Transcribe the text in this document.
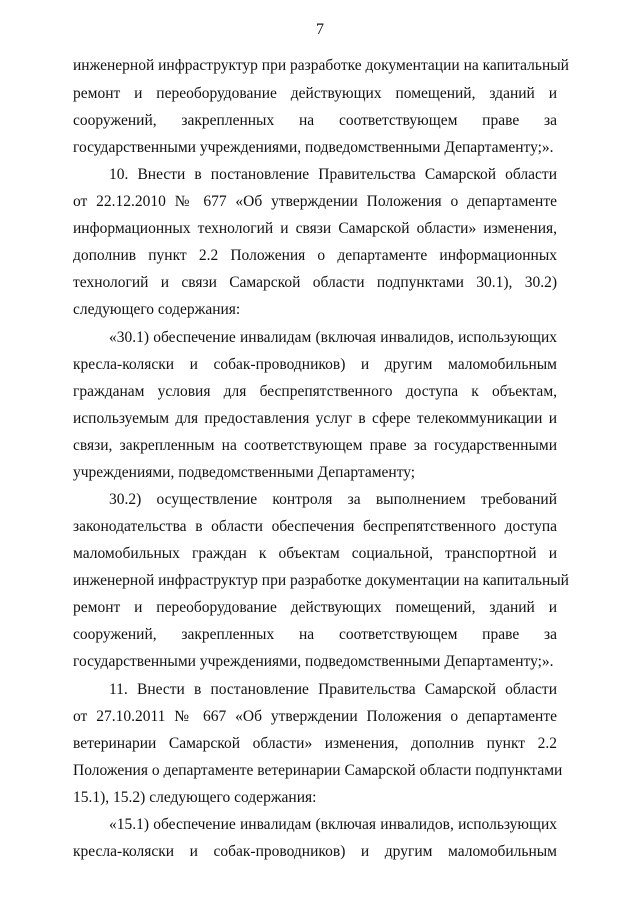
7
инженерной инфраструктур при разработке документации на капитальный
ремонт и переоборудование действующих помещений, зданий и
сооружений, закрепленных на соответствующем праве за
государственными учреждениями, подведомственными Департаменту;».
10. Внести в постановление Правительства Самарской области
от 22.12.2010 № 677 «Об утверждении Положения о департаменте
информационных технологий и связи Самарской области» изменения,
дополнив пункт 2.2 Положения о департаменте информационных
технологий и связи Самарской области подпунктами 30.1), 30.2)
следующего содержания:
«30.1) обеспечение инвалидам (включая инвалидов, использующих
кресла-коляски и собак-проводников) и другим маломобильным
гражданам условия для беспрепятственного доступа к объектам,
используемым для предоставления услуг в сфере телекоммуникации и
связи, закрепленным на соответствующем праве за государственными
учреждениями, подведомственными Департаменту;
30.2) осуществление контроля за выполнением требований
законодательства в области обеспечения беспрепятственного доступа
маломобильных граждан к объектам социальной, транспортной и
инженерной инфраструктур при разработке документации на капитальный
ремонт и переоборудование действующих помещений, зданий и
сооружений, закрепленных на соответствующем праве за
государственными учреждениями, подведомственными Департаменту;».
11. Внести в постановление Правительства Самарской области
от 27.10.2011 № 667 «Об утверждении Положения о департаменте
ветеринарии Самарской области» изменения, дополнив пункт 2.2
Положения о департаменте ветеринарии Самарской области подпунктами
15.1), 15.2) следующего содержания:
«15.1) обеспечение инвалидам (включая инвалидов, использующих
кресла-коляски и собак-проводников) и другим маломобильным
